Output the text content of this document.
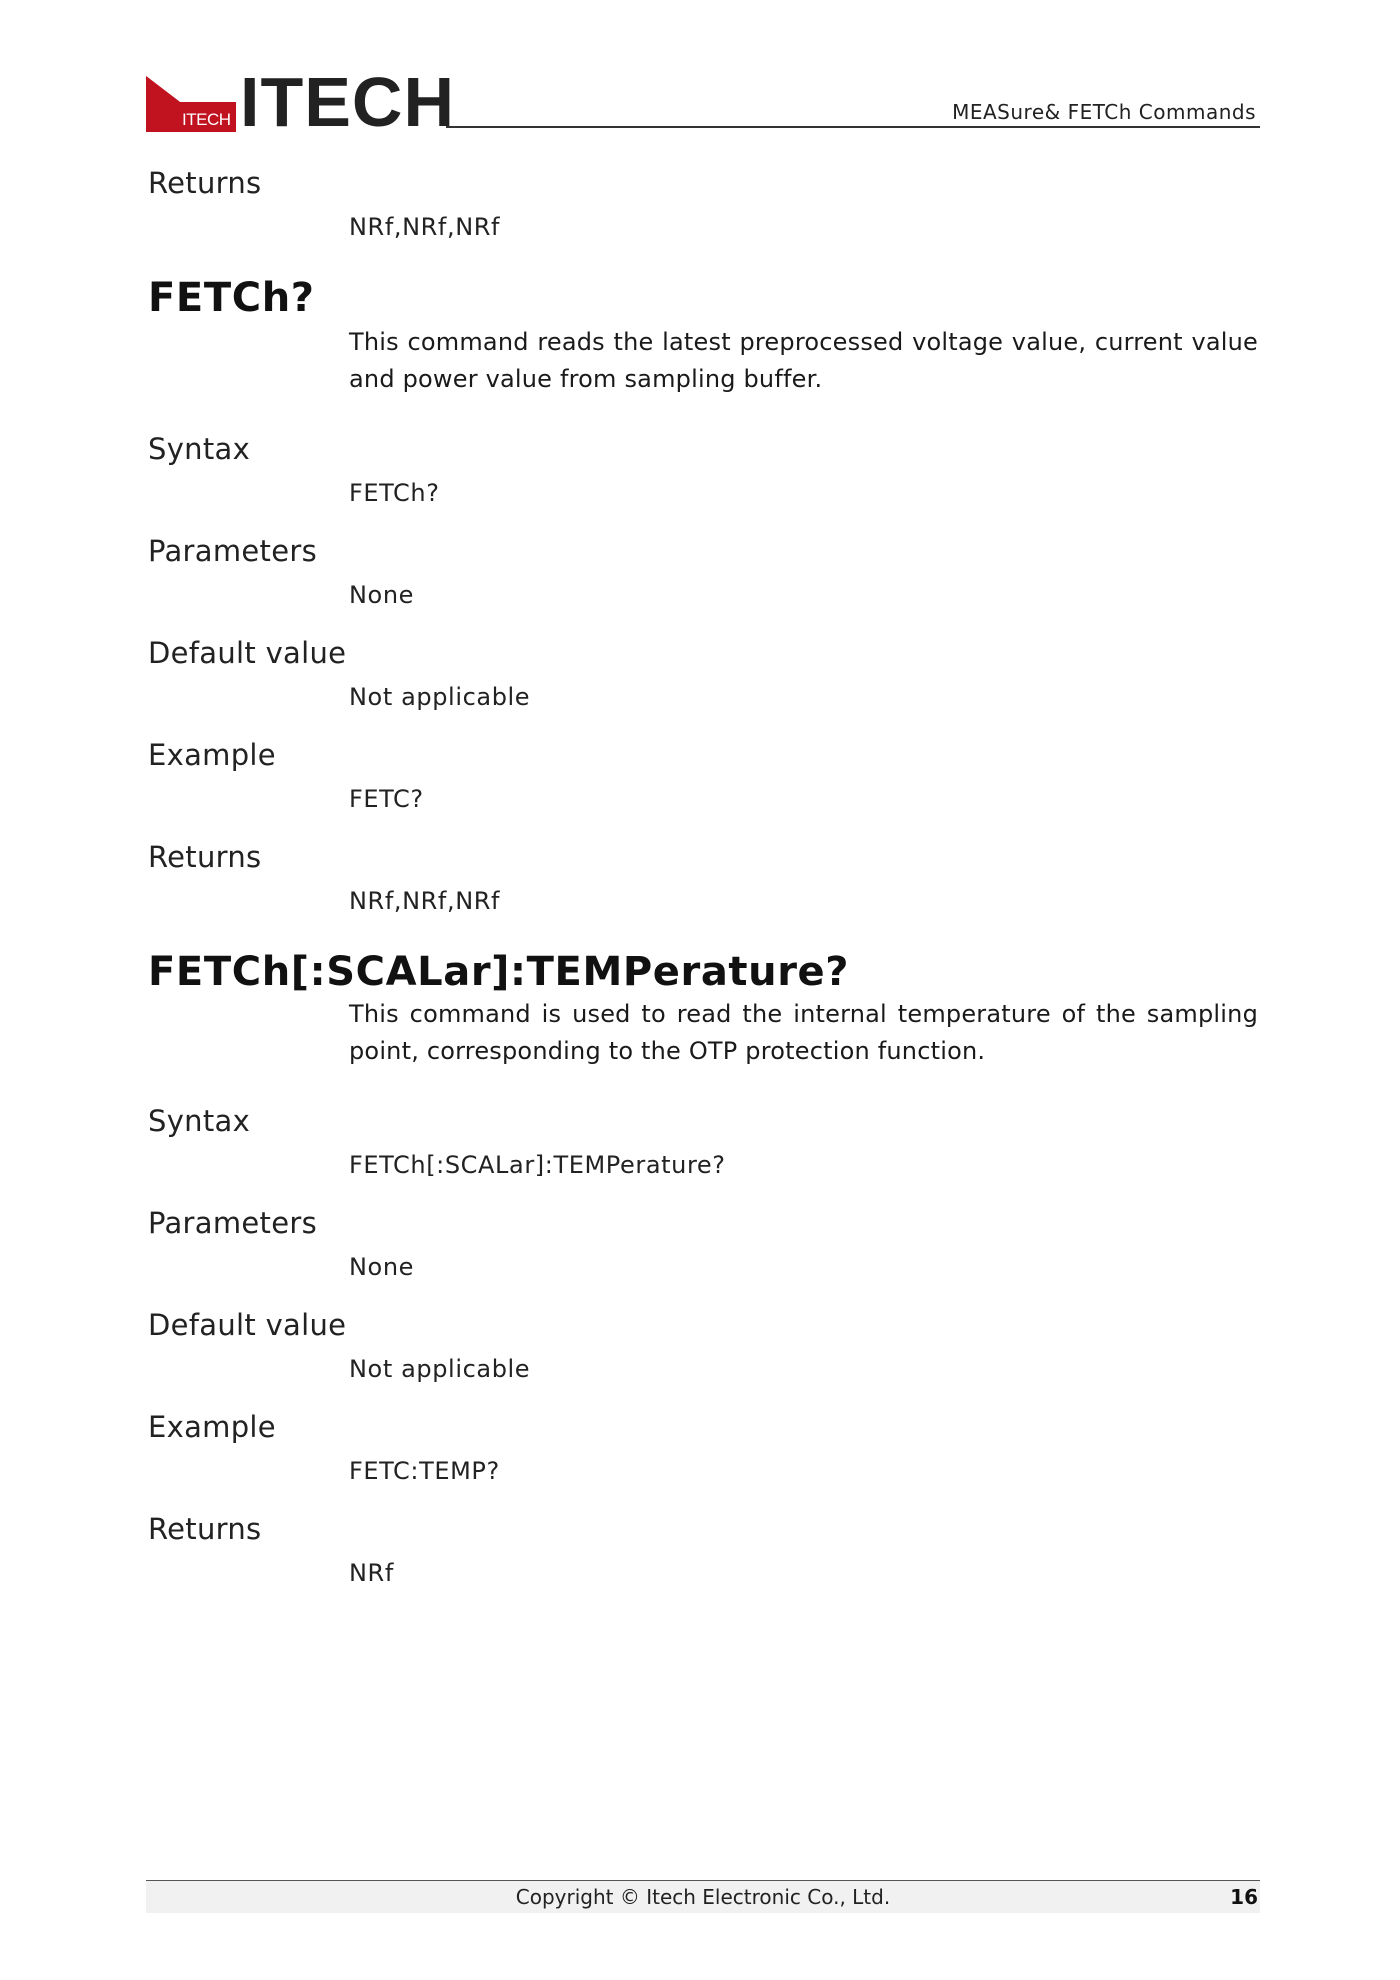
ITECH ITECH	MEASure& FETCh Commands

Returns

NRf,NRf,NRf

FETCh?

This command reads the latest preprocessed voltage value, current value and power value from sampling buffer.

Syntax

FETCh?

Parameters

None

Default value

Not applicable

Example

FETC?

Returns

NRf,NRf,NRf

FETCh[:SCALar]:TEMPerature?

This command is used to read the internal temperature of the sampling point, corresponding to the OTP protection function.

Syntax

FETCh[:SCALar]:TEMPerature?

Parameters

None

Default value

Not applicable

Example

FETC:TEMP?

Returns

NRf

Copyright © Itech Electronic Co., Ltd.	16
